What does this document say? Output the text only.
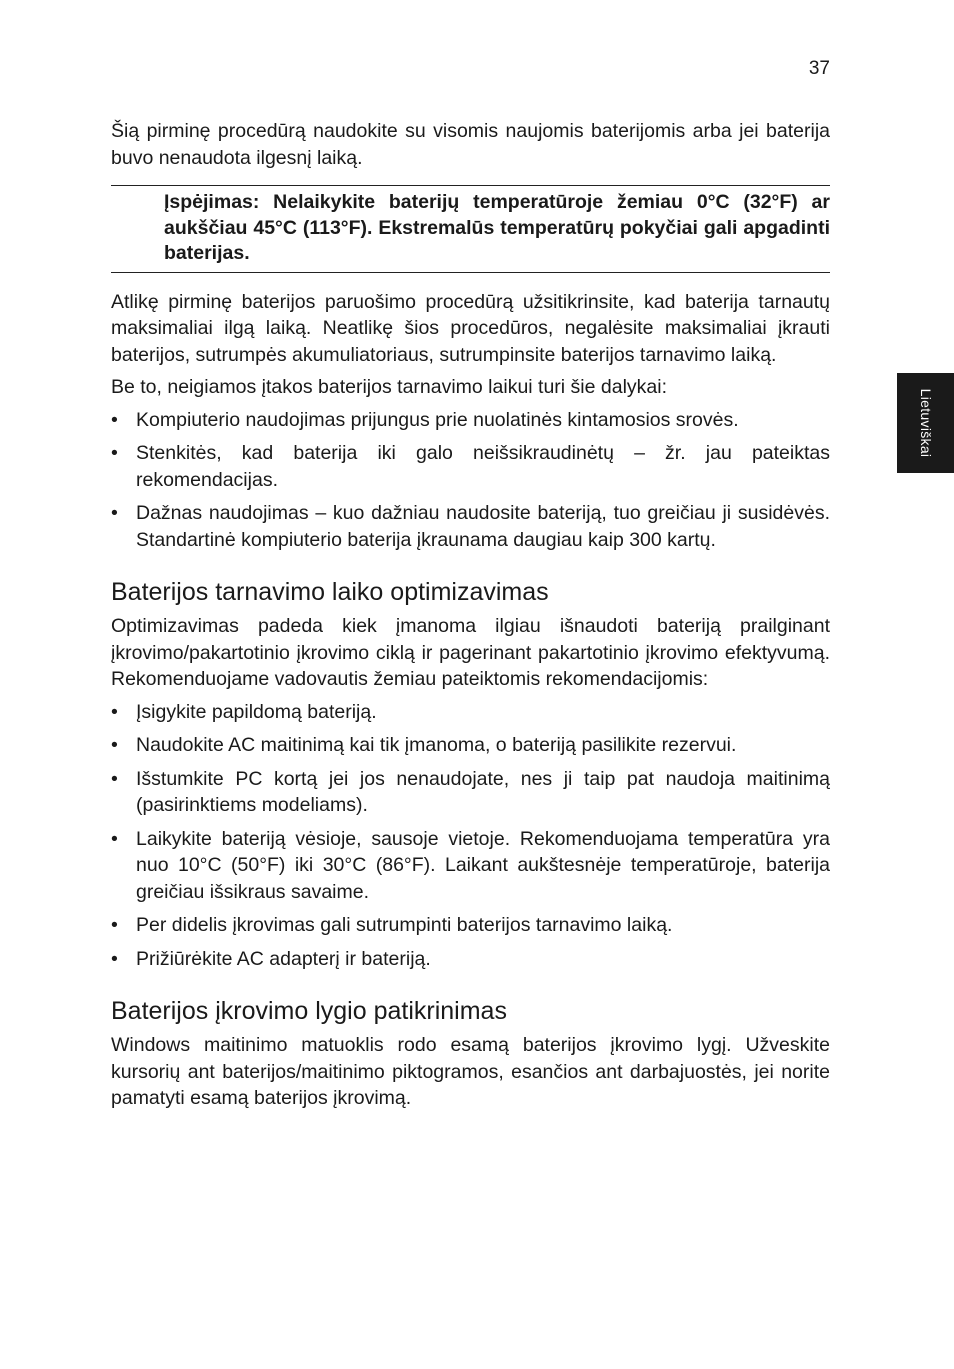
37
Lietuviškai

Šią pirminę procedūrą naudokite su visomis naujomis baterijomis arba jei baterija buvo nenaudota ilgesnį laiką.

Įspėjimas: Nelaikykite baterijų temperatūroje žemiau 0°C (32°F) ar aukščiau 45°C (113°F). Ekstremalūs temperatūrų pokyčiai gali apgadinti baterijas.

Atlikę pirminę baterijos paruošimo procedūrą užsitikrinsite, kad baterija tarnautų maksimaliai ilgą laiką. Neatlikę šios procedūros, negalėsite maksimaliai įkrauti baterijos, sutrumpės akumuliatoriaus, sutrumpinsite baterijos tarnavimo laiką.

Be to, neigiamos įtakos baterijos tarnavimo laikui turi šie dalykai:

• Kompiuterio naudojimas prijungus prie nuolatinės kintamosios srovės.
• Stenkitės, kad baterija iki galo neišsikraudinėtų – žr. jau pateiktas rekomendacijas.
• Dažnas naudojimas – kuo dažniau naudosite bateriją, tuo greičiau ji susidėvės. Standartinė kompiuterio baterija įkraunama daugiau kaip 300 kartų.
Baterijos tarnavimo laiko optimizavimas

Optimizavimas padeda kiek įmanoma ilgiau išnaudoti bateriją prailginant įkrovimo/pakartotinio įkrovimo ciklą ir pagerinant pakartotinio įkrovimo efektyvumą. Rekomenduojame vadovautis žemiau pateiktomis rekomendacijomis:

• Įsigykite papildomą bateriją.
• Naudokite AC maitinimą kai tik įmanoma, o bateriją pasilikite rezervui.
• Išstumkite PC kortą jei jos nenaudojate, nes ji taip pat naudoja maitinimą (pasirinktiems modeliams).
• Laikykite bateriją vėsioje, sausoje vietoje. Rekomenduojama temperatūra yra nuo 10°C (50°F) iki 30°C (86°F). Laikant aukštesnėje temperatūroje, baterija greičiau išsikraus savaime.
• Per didelis įkrovimas gali sutrumpinti baterijos tarnavimo laiką.
• Prižiūrėkite AC adapterį ir bateriją.
Baterijos įkrovimo lygio patikrinimas

Windows maitinimo matuoklis rodo esamą baterijos įkrovimo lygį. Užveskite kursorių ant baterijos/maitinimo piktogramos, esančios ant darbajuostės, jei norite pamatyti esamą baterijos įkrovimą.
